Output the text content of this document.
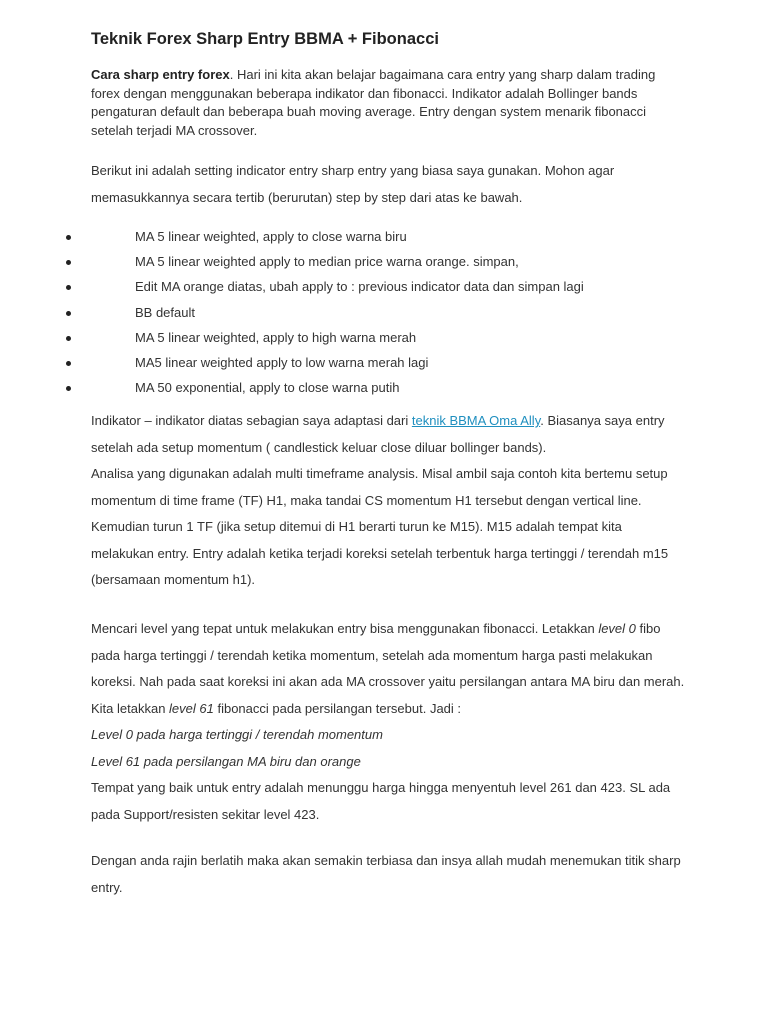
Teknik Forex Sharp Entry BBMA + Fibonacci
Cara sharp entry forex. Hari ini kita akan belajar bagaimana cara entry yang sharp dalam trading
forex dengan menggunakan beberapa indikator dan fibonacci. Indikator adalah Bollinger bands
pengaturan default dan beberapa buah moving average. Entry dengan system menarik fibonacci
setelah terjadi MA crossover.
Berikut ini adalah setting indicator entry sharp entry yang biasa saya gunakan. Mohon agar
memasukkannya secara tertib (berurutan) step by step dari atas ke bawah.
MA 5 linear weighted, apply to close warna biru
MA 5 linear weighted apply to median price warna orange. simpan,
Edit MA orange diatas, ubah apply to : previous indicator data dan simpan lagi
BB default
MA 5 linear weighted, apply to high warna merah
MA5 linear weighted apply to low warna merah lagi
MA 50 exponential, apply to close warna putih
Indikator – indikator diatas sebagian saya adaptasi dari teknik BBMA Oma Ally. Biasanya saya entry
setelah ada setup momentum ( candlestick keluar close diluar bollinger bands).
Analisa yang digunakan adalah multi timeframe analysis. Misal ambil saja contoh kita bertemu setup
momentum di time frame (TF) H1, maka tandai CS momentum H1 tersebut dengan vertical line.
Kemudian turun 1 TF (jika setup ditemui di H1 berarti turun ke M15). M15 adalah tempat kita
melakukan entry. Entry adalah ketika terjadi koreksi setelah terbentuk harga tertinggi / terendah m15
(bersamaan momentum h1).
Mencari level yang tepat untuk melakukan entry bisa menggunakan fibonacci. Letakkan level 0 fibo
pada harga tertinggi / terendah ketika momentum, setelah ada momentum harga pasti melakukan
koreksi. Nah pada saat koreksi ini akan ada MA crossover yaitu persilangan antara MA biru dan merah.
Kita letakkan level 61 fibonacci pada persilangan tersebut. Jadi :
Level 0 pada harga tertinggi / terendah momentum
Level 61 pada persilangan MA biru dan orange
Tempat yang baik untuk entry adalah menunggu harga hingga menyentuh level 261 dan 423. SL ada
pada Support/resisten sekitar level 423.
Dengan anda rajin berlatih maka akan semakin terbiasa dan insya allah mudah menemukan titik sharp
entry.
